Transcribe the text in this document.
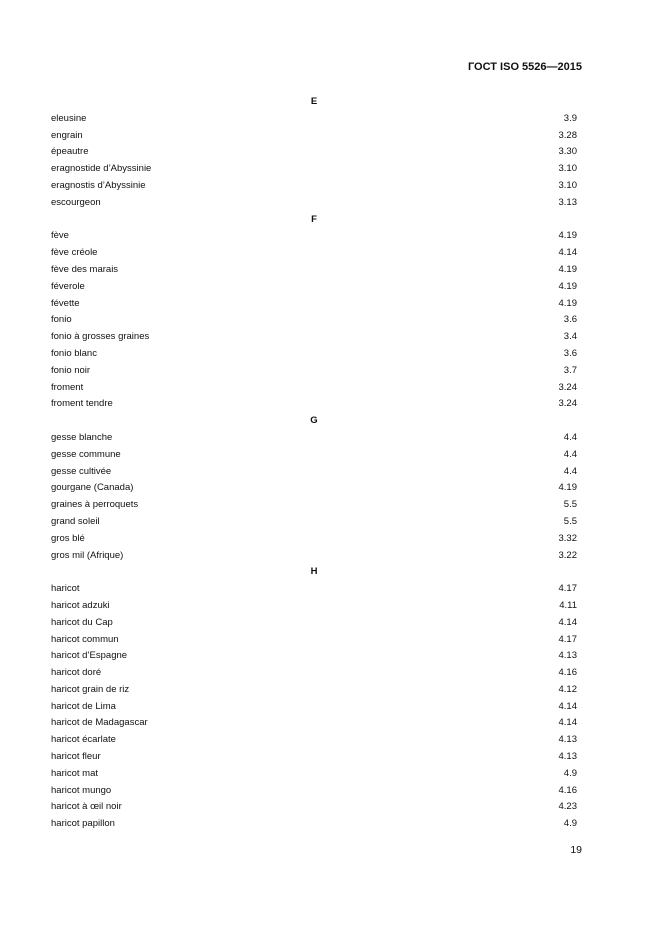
ГОСТ ISO 5526—2015
E
eleusine	3.9
engrain	3.28
épeautre	3.30
eragnostide d’Abyssinie	3.10
eragnostis d’Abyssinie	3.10
escourgeon	3.13
F
fève	4.19
fève créole	4.14
fève des marais	4.19
féverole	4.19
févette	4.19
fonio	3.6
fonio à grosses graines	3.4
fonio blanc	3.6
fonio noir	3.7
froment	3.24
froment tendre	3.24
G
gesse blanche	4.4
gesse commune	4.4
gesse cultivée	4.4
gourgane (Canada)	4.19
graines à perroquets	5.5
grand soleil	5.5
gros blé	3.32
gros mil (Afrique)	3.22
H
haricot	4.17
haricot adzuki	4.11
haricot du Cap	4.14
haricot commun	4.17
haricot d’Espagne	4.13
haricot doré	4.16
haricot grain de riz	4.12
haricot de Lima	4.14
haricot de Madagascar	4.14
haricot écarlate	4.13
haricot fleur	4.13
haricot mat	4.9
haricot mungo	4.16
haricot à œil noir	4.23
haricot papillon	4.9
19
